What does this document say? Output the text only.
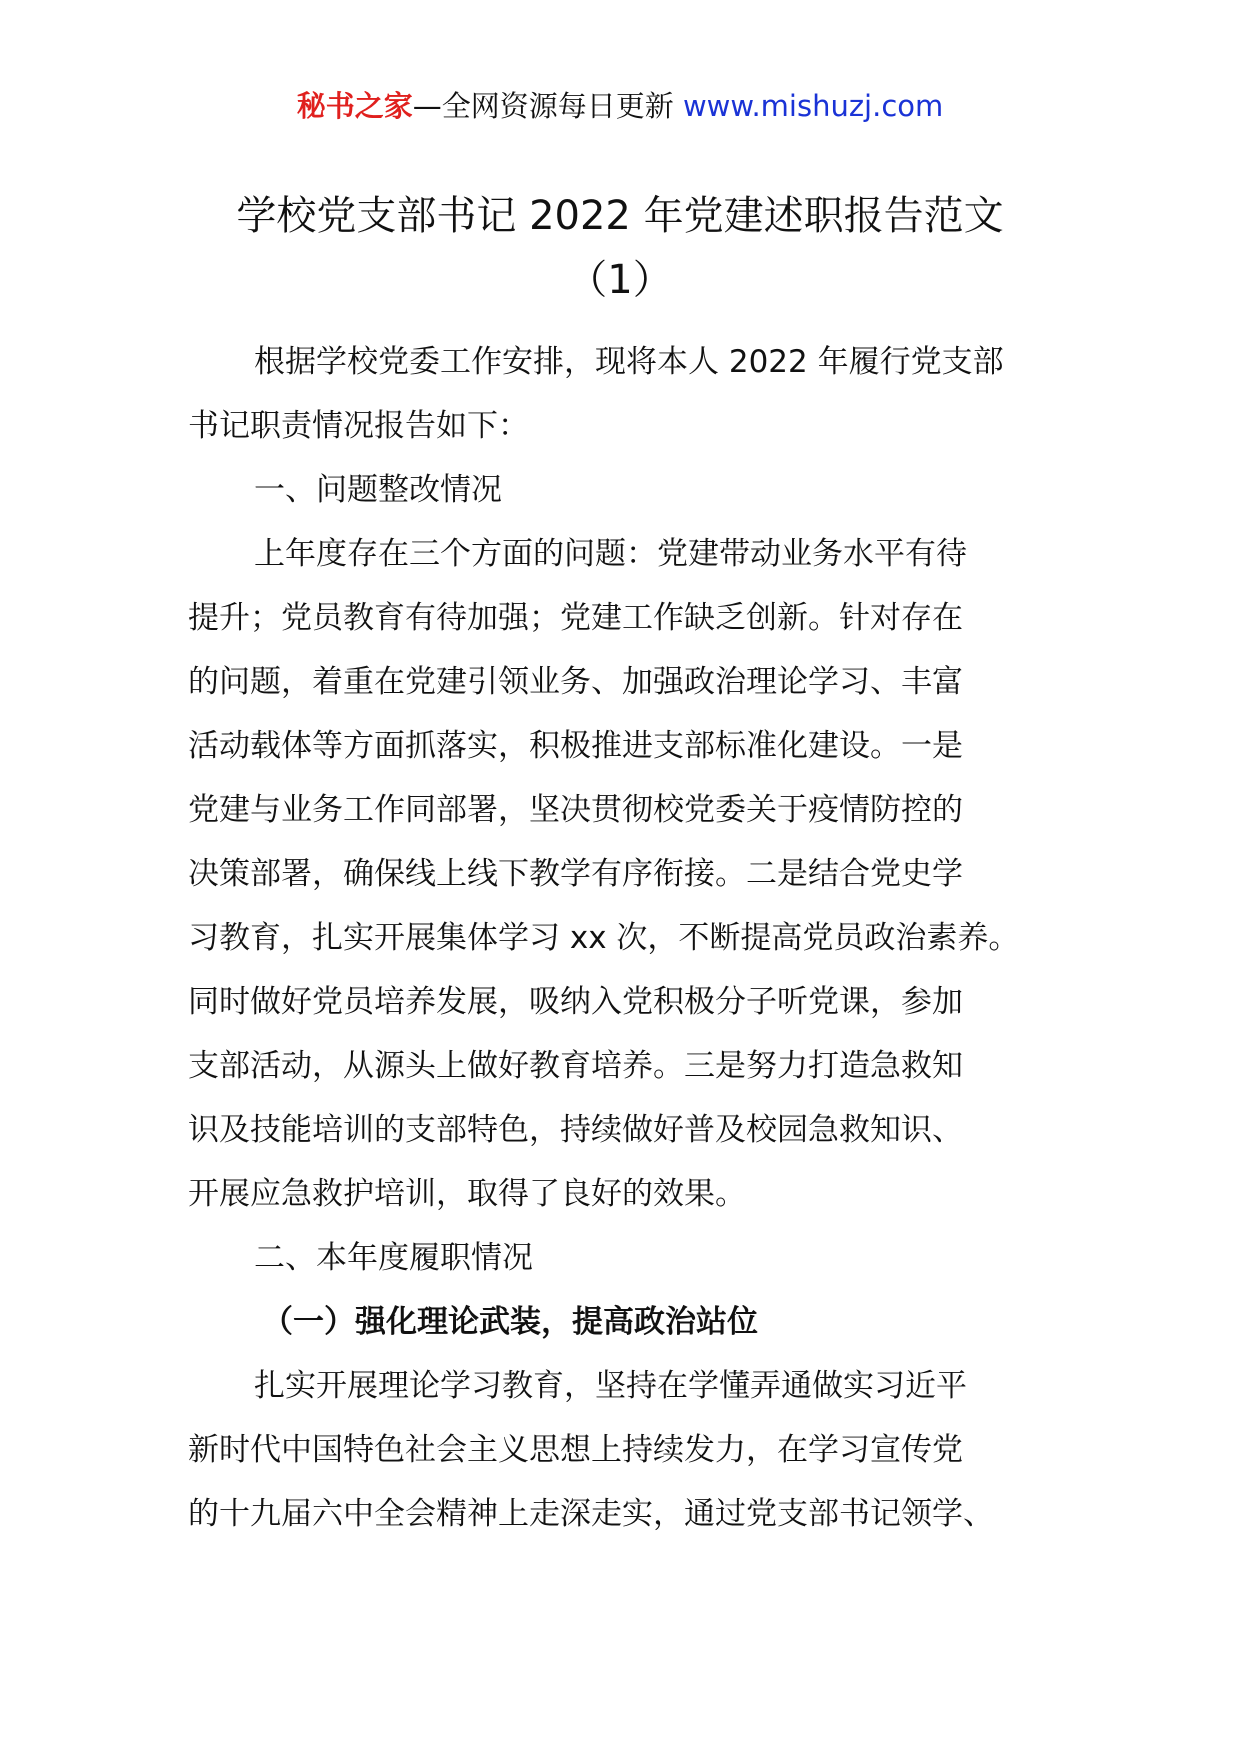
秘书之家—全网资源每日更新 www.mishuzj.com
学校党支部书记 2022 年党建述职报告范文
（1）
根据学校党委工作安排，现将本人 2022 年履行党支部
书记职责情况报告如下：
一、问题整改情况
上年度存在三个方面的问题：党建带动业务水平有待
提升；党员教育有待加强；党建工作缺乏创新。针对存在
的问题，着重在党建引领业务、加强政治理论学习、丰富
活动载体等方面抓落实，积极推进支部标准化建设。一是
党建与业务工作同部署，坚决贯彻校党委关于疫情防控的
决策部署，确保线上线下教学有序衔接。二是结合党史学
习教育，扎实开展集体学习 xx 次，不断提高党员政治素养。
同时做好党员培养发展，吸纳入党积极分子听党课，参加
支部活动，从源头上做好教育培养。三是努力打造急救知
识及技能培训的支部特色，持续做好普及校园急救知识、
开展应急救护培训，取得了良好的效果。
二、本年度履职情况
（一）强化理论武装，提高政治站位
扎实开展理论学习教育，坚持在学懂弄通做实习近平
新时代中国特色社会主义思想上持续发力，在学习宣传党
的十九届六中全会精神上走深走实，通过党支部书记领学、
